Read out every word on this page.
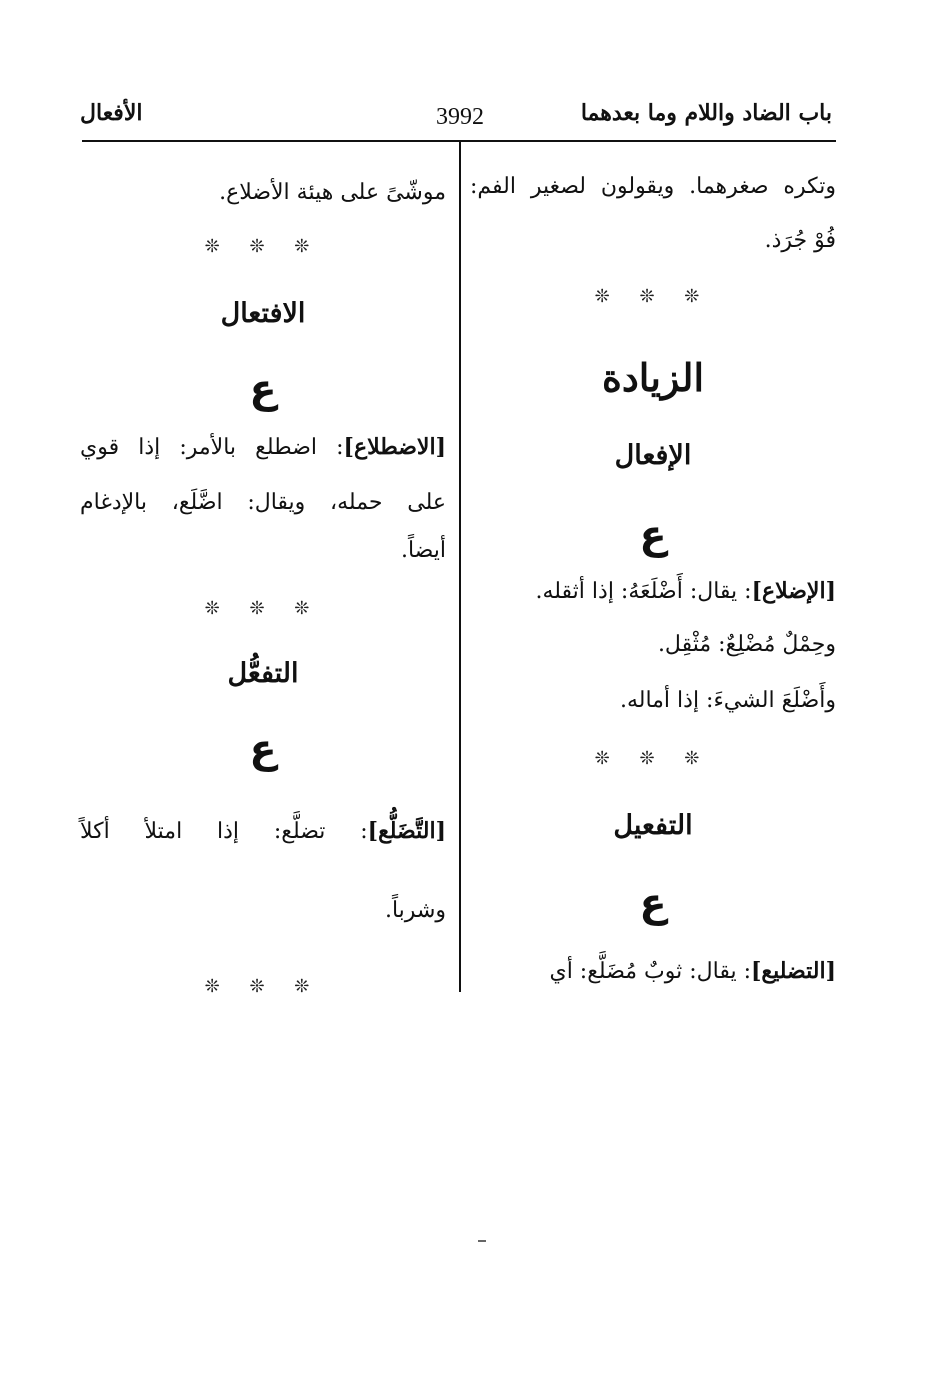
باب الضاد واللام وما بعدهما
3992
الأفعال
وتكره صغرهما. ويقولون لصغير الفم:
فُوْ جُرَذ.
❊ ❊ ❊
الزيادة
الإفعال
ع
[الإضلاع]: يقال: أَضْلَعَهُ: إذا أثقله.
وحِمْلٌ مُضْلِعٌ: مُثْقِل.
وأَضْلَعَ الشيءَ: إذا أماله.
❊ ❊ ❊
التفعيل
ع
[التضليع]: يقال: ثوبٌ مُضَلَّع: أي
موشّىً على هيئة الأضلاع.
❊ ❊ ❊
الافتعال
ع
[الاضطلاع]: اضطلع بالأمر: إذا قوي
على حمله، ويقال: اضَّلَع، بالإدغام
أيضاً.
❊ ❊ ❊
التفعُّل
ع
[التَّضَلُّع]: تضلَّع: إذا امتلأ أكلاً
وشرباً.
❊ ❊ ❊
